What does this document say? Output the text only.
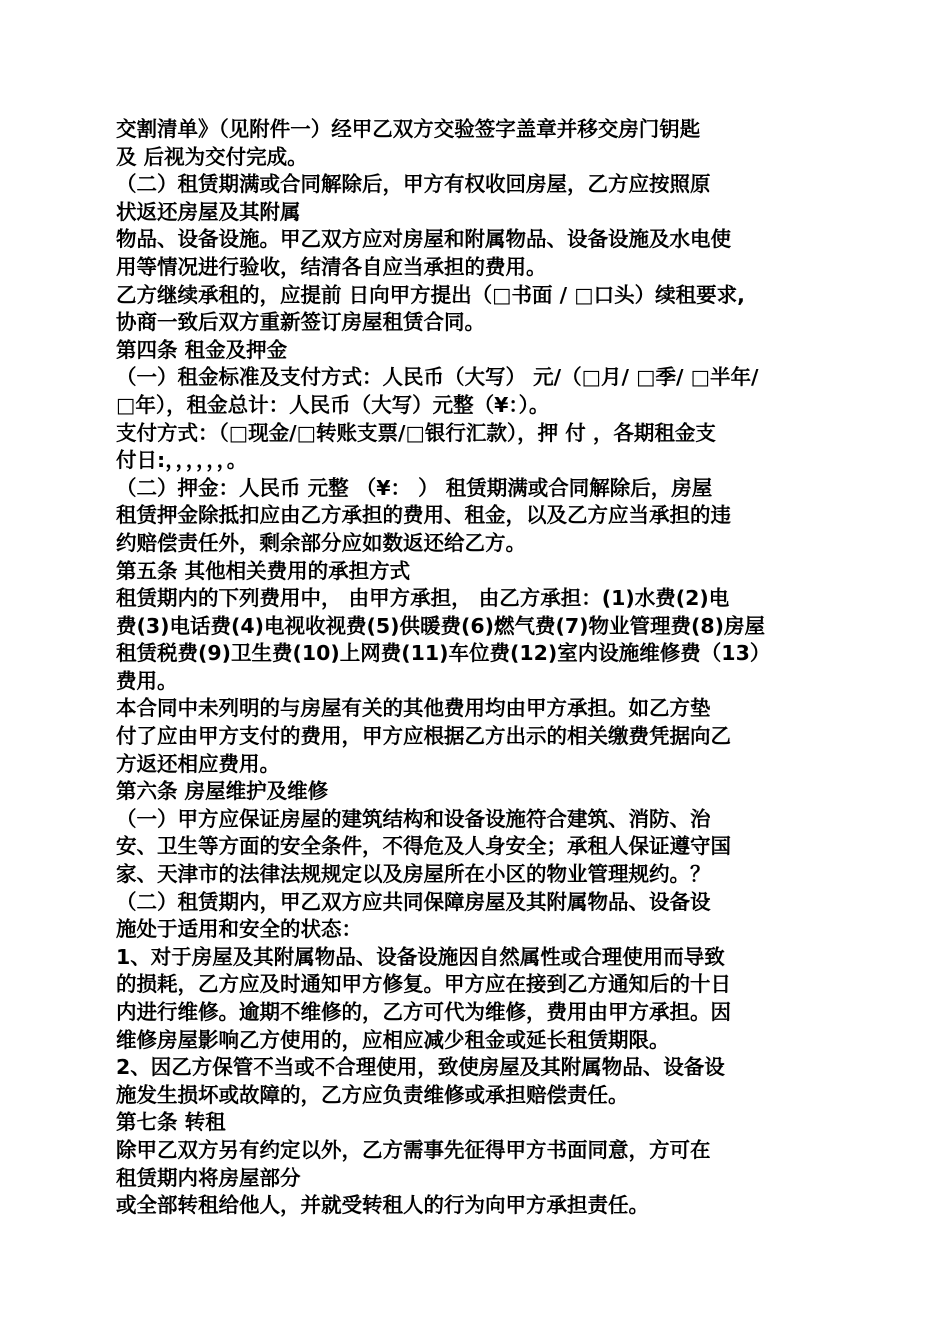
交割清单》（见附件一）经甲乙双方交验签字盖章并移交房门钥匙
及 后视为交付完成。
（二）租赁期满或合同解除后，甲方有权收回房屋，乙方应按照原
状返还房屋及其附属
物品、设备设施。甲乙双方应对房屋和附属物品、设备设施及水电使
用等情况进行验收，结清各自应当承担的费用。
乙方继续承租的，应提前 日向甲方提出（□书面 / □口头）续租要求,
协商一致后双方重新签订房屋租赁合同。
第四条 租金及押金
（一）租金标准及支付方式：人民币（大写） 元/（□月/ □季/ □半年/
□年），租金总计：人民币（大写）元整（¥：）。
支付方式：（□现金/□转账支票/□银行汇款），押 付 ，各期租金支
付日:，，，，，，。
（二）押金：人民币 元整 （¥： ） 租赁期满或合同解除后，房屋
租赁押金除抵扣应由乙方承担的费用、租金，以及乙方应当承担的违
约赔偿责任外，剩余部分应如数返还给乙方。
第五条 其他相关费用的承担方式
租赁期内的下列费用中， 由甲方承担， 由乙方承担：(1)水费(2)电
费(3)电话费(4)电视收视费(5)供暖费(6)燃气费(7)物业管理费(8)房屋
租赁税费(9)卫生费(10)上网费(11)车位费(12)室内设施维修费（13）
费用。
本合同中未列明的与房屋有关的其他费用均由甲方承担。如乙方垫
付了应由甲方支付的费用，甲方应根据乙方出示的相关缴费凭据向乙
方返还相应费用。
第六条 房屋维护及维修
（一）甲方应保证房屋的建筑结构和设备设施符合建筑、消防、治
安、卫生等方面的安全条件，不得危及人身安全；承租人保证遵守国
家、天津市的法律法规规定以及房屋所在小区的物业管理规约。？
（二）租赁期内，甲乙双方应共同保障房屋及其附属物品、设备设
施处于适用和安全的状态：
1、对于房屋及其附属物品、设备设施因自然属性或合理使用而导致
的损耗，乙方应及时通知甲方修复。甲方应在接到乙方通知后的十日
内进行维修。逾期不维修的，乙方可代为维修，费用由甲方承担。因
维修房屋影响乙方使用的，应相应减少租金或延长租赁期限。
2、因乙方保管不当或不合理使用，致使房屋及其附属物品、设备设
施发生损坏或故障的，乙方应负责维修或承担赔偿责任。
第七条 转租
除甲乙双方另有约定以外，乙方需事先征得甲方书面同意，方可在
租赁期内将房屋部分
或全部转租给他人，并就受转租人的行为向甲方承担责任。
